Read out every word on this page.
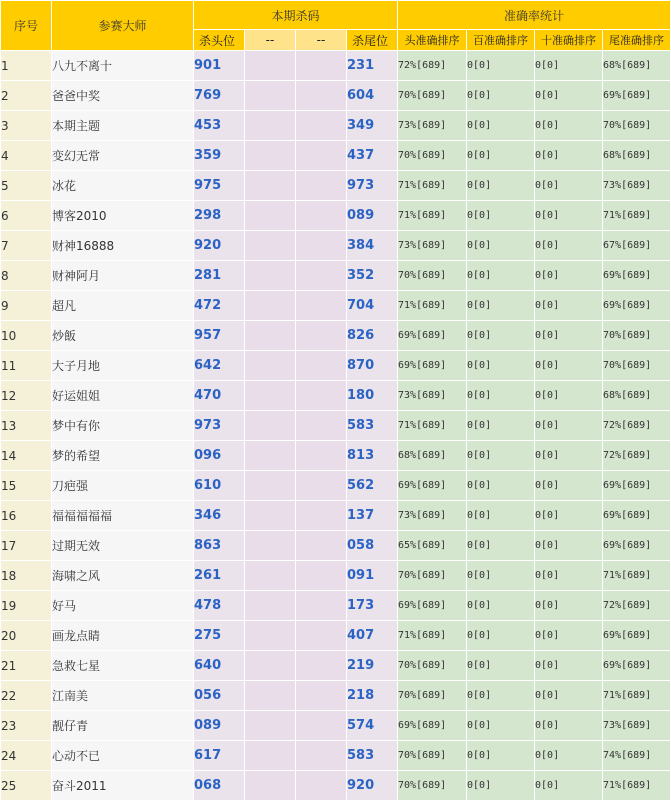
序号	参赛大师	本期杀码				准确率统计			
		杀头位	--	--	杀尾位	头准确排序	百准确排序	十准确排序	尾准确排序
1	八九不离十	901			231	72%[689]	0[0]	0[0]	68%[689]
2	爸爸中奖	769			604	70%[689]	0[0]	0[0]	69%[689]
3	本期主题	453			349	73%[689]	0[0]	0[0]	70%[689]
4	变幻无常	359			437	70%[689]	0[0]	0[0]	68%[689]
5	冰花	975			973	71%[689]	0[0]	0[0]	73%[689]
6	博客2010	298			089	71%[689]	0[0]	0[0]	71%[689]
7	财神16888	920			384	73%[689]	0[0]	0[0]	67%[689]
8	财神阿月	281			352	70%[689]	0[0]	0[0]	69%[689]
9	超凡	472			704	71%[689]	0[0]	0[0]	69%[689]
10	炒飯	957			826	69%[689]	0[0]	0[0]	70%[689]
11	大子月地	642			870	69%[689]	0[0]	0[0]	70%[689]
12	好运姐姐	470			180	73%[689]	0[0]	0[0]	68%[689]
13	梦中有你	973			583	71%[689]	0[0]	0[0]	72%[689]
14	梦的希望	096			813	68%[689]	0[0]	0[0]	72%[689]
15	刀疤强	610			562	69%[689]	0[0]	0[0]	69%[689]
16	福福福福福	346			137	73%[689]	0[0]	0[0]	69%[689]
17	过期无效	863			058	65%[689]	0[0]	0[0]	69%[689]
18	海啸之风	261			091	70%[689]	0[0]	0[0]	71%[689]
19	好马	478			173	69%[689]	0[0]	0[0]	72%[689]
20	画龙点睛	275			407	71%[689]	0[0]	0[0]	69%[689]
21	急救七星	640			219	70%[689]	0[0]	0[0]	69%[689]
22	江南美	056			218	70%[689]	0[0]	0[0]	71%[689]
23	靓仔青	089			574	69%[689]	0[0]	0[0]	73%[689]
24	心动不已	617			583	70%[689]	0[0]	0[0]	74%[689]
25	奋斗2011	068			920	70%[689]	0[0]	0[0]	71%[689]
